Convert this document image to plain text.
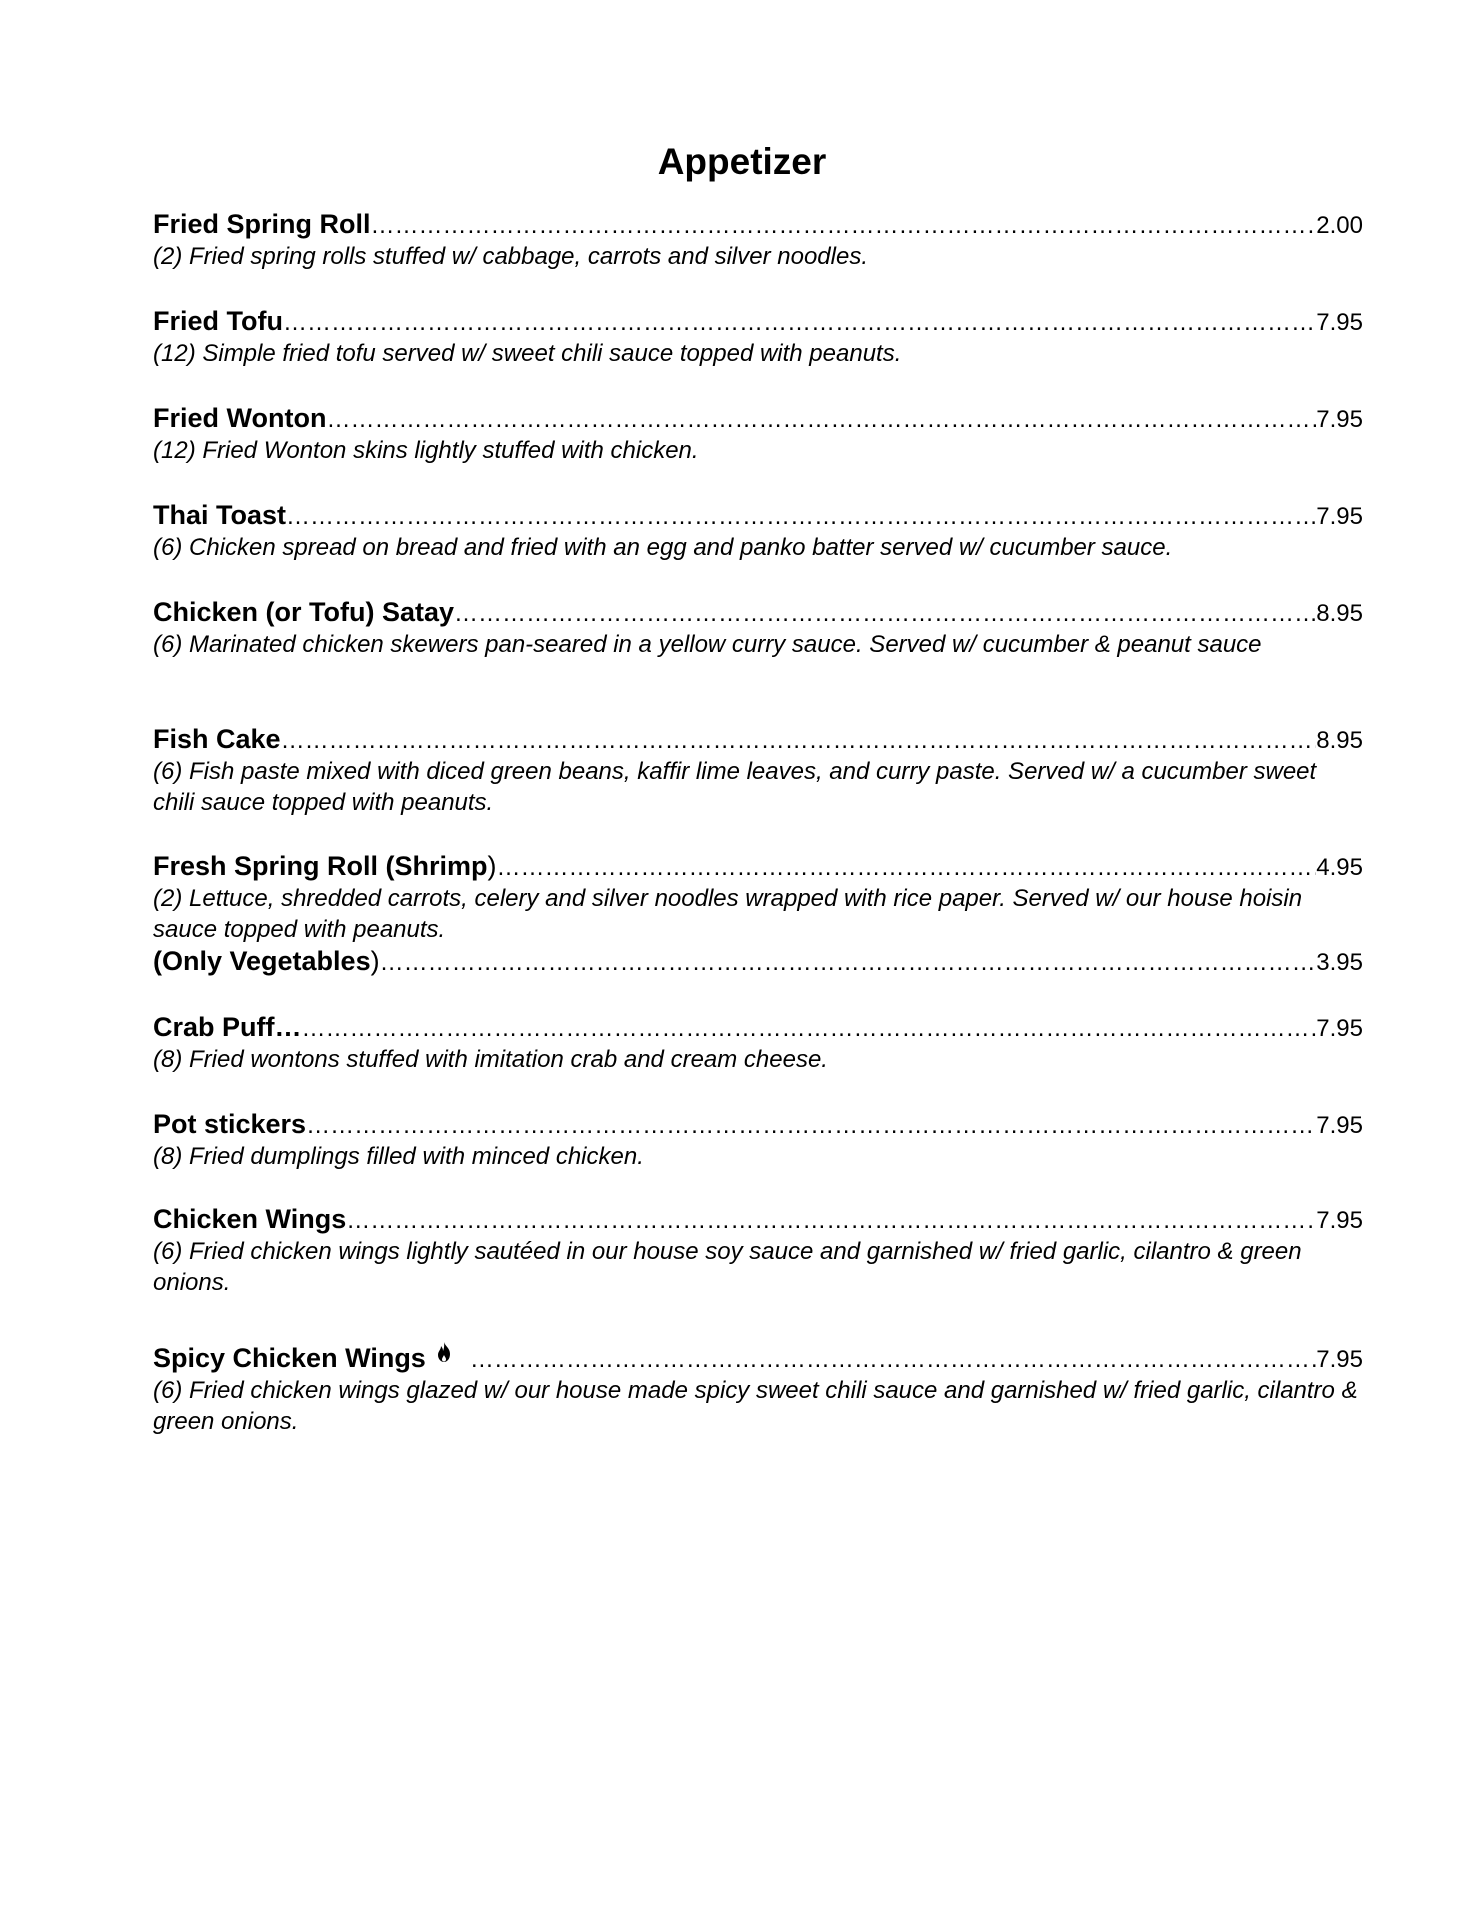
Appetizer
Fried Spring Roll ………………………………………………………………………………………………………………………………………………………………………………………………………………………………………………………………………………………	2.00
(2) Fried spring rolls stuffed w/ cabbage, carrots and silver noodles.
Fried Tofu ………………………………………………………………………………………………………………………………………………………………………………………………………………………………………………………………………………………	7.95
(12) Simple fried tofu served w/ sweet chili sauce topped with peanuts.
Fried Wonton ………………………………………………………………………………………………………………………………………………………………………………………………………………………………………………………………………………………	7.95
(12) Fried Wonton skins lightly stuffed with chicken.
Thai Toast ………………………………………………………………………………………………………………………………………………………………………………………………………………………………………………………………………………………	7.95
(6) Chicken spread on bread and fried with an egg and panko batter served w/ cucumber sauce.
Chicken (or Tofu) Satay ………………………………………………………………………………………………………………………………………………………………………………………………………………………………………………………………………………………	8.95
(6) Marinated chicken skewers pan-seared in a yellow curry sauce. Served w/ cucumber & peanut sauce
Fish Cake ………………………………………………………………………………………………………………………………………………………………………………………………………………………………………………………………………………………	8.95
(6) Fish paste mixed with diced green beans, kaffir lime leaves, and curry paste. Served w/ a cucumber sweet chili sauce topped with peanuts.
Fresh Spring Roll (Shrimp ) ………………………………………………………………………………………………………………………………………………………………………………………………………………………………………………………………………………………	4.95
(2) Lettuce, shredded carrots, celery and silver noodles wrapped with rice paper. Served w/ our house hoisin sauce topped with peanuts.
(Only Vegetables ) ………………………………………………………………………………………………………………………………………………………………………………………………………………………………………………………………………………………	3.95
Crab Puff… ………………………………………………………………………………………………………………………………………………………………………………………………………………………………………………………………………………………	7.95
(8) Fried wontons stuffed with imitation crab and cream cheese.
Pot stickers ………………………………………………………………………………………………………………………………………………………………………………………………………………………………………………………………………………………	7.95
(8) Fried dumplings filled with minced chicken.
Chicken Wings ………………………………………………………………………………………………………………………………………………………………………………………………………………………………………………………………………………………	7.95
(6) Fried chicken wings lightly sautéed in our house soy sauce and garnished w/ fried garlic, cilantro & green onions.
Spicy Chicken Wings ………………………………………………………………………………………………………………………………………………………………………………………………………………………………………………………………………………………	7.95
(6) Fried chicken wings glazed w/ our house made spicy sweet chili sauce and garnished w/ fried garlic, cilantro & green onions.
